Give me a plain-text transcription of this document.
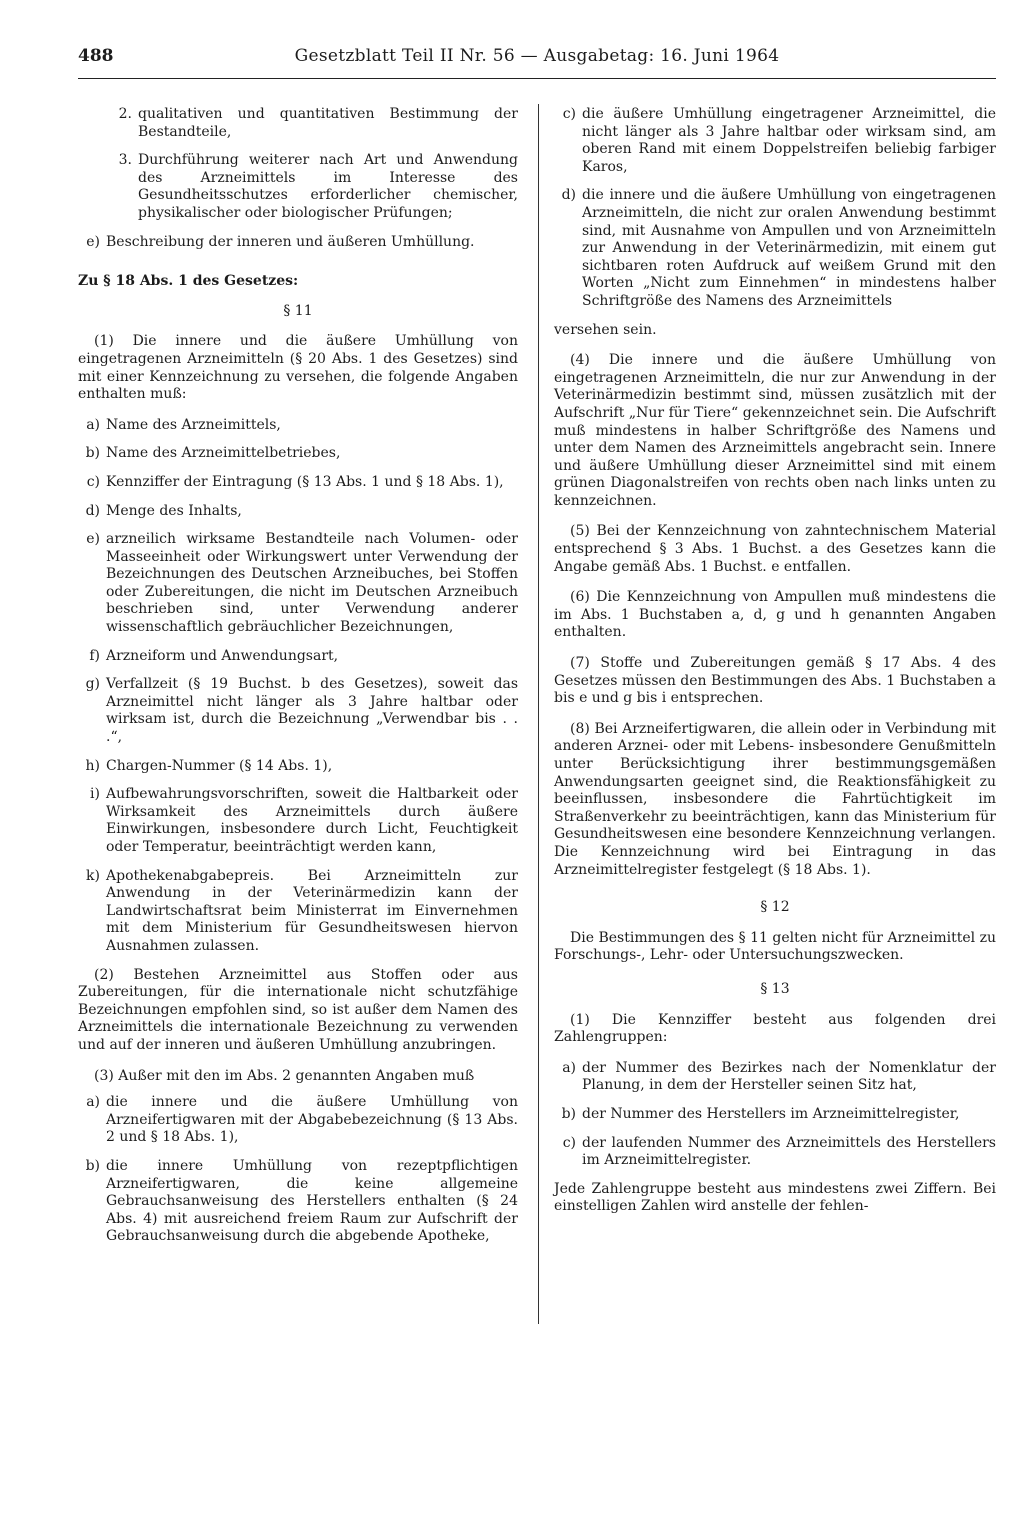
488	Gesetzblatt Teil II Nr. 56 — Ausgabetag: 16. Juni 1964
2. qualitativen und quantitativen Bestimmung der Bestandteile,
3. Durchführung weiterer nach Art und Anwendung des Arzneimittels im Interesse des Gesundheitsschutzes erforderlicher chemischer, physikalischer oder biologischer Prüfungen;
e) Beschreibung der inneren und äußeren Umhüllung.
Zu § 18 Abs. 1 des Gesetzes:
§ 11

(1) Die innere und die äußere Umhüllung von eingetragenen Arzneimitteln (§ 20 Abs. 1 des Gesetzes) sind mit einer Kennzeichnung zu versehen, die folgende Angaben enthalten muß:

a) Name des Arzneimittels,
b) Name des Arzneimittelbetriebes,
c) Kennziffer der Eintragung (§ 13 Abs. 1 und § 18 Abs. 1),
d) Menge des Inhalts,
e) arzneilich wirksame Bestandteile nach Volumen- oder Masseeinheit oder Wirkungswert unter Verwendung der Bezeichnungen des Deutschen Arzneibuches, bei Stoffen oder Zubereitungen, die nicht im Deutschen Arzneibuch beschrieben sind, unter Verwendung anderer wissenschaftlich gebräuchlicher Bezeichnungen,
f) Arzneiform und Anwendungsart,
g) Verfallzeit (§ 19 Buchst. b des Gesetzes), soweit das Arzneimittel nicht länger als 3 Jahre haltbar oder wirksam ist, durch die Bezeichnung „Verwendbar bis . . .“,
h) Chargen-Nummer (§ 14 Abs. 1),
i) Aufbewahrungsvorschriften, soweit die Haltbarkeit oder Wirksamkeit des Arzneimittels durch äußere Einwirkungen, insbesondere durch Licht, Feuchtigkeit oder Temperatur, beeinträchtigt werden kann,
k) Apothekenabgabepreis. Bei Arzneimitteln zur Anwendung in der Veterinärmedizin kann der Landwirtschaftsrat beim Ministerrat im Einvernehmen mit dem Ministerium für Gesundheitswesen hiervon Ausnahmen zulassen.

(2) Bestehen Arzneimittel aus Stoffen oder aus Zubereitungen, für die internationale nicht schutzfähige Bezeichnungen empfohlen sind, so ist außer dem Namen des Arzneimittels die internationale Bezeichnung zu verwenden und auf der inneren und äußeren Umhüllung anzubringen.

(3) Außer mit den im Abs. 2 genannten Angaben muß

a) die innere und die äußere Umhüllung von Arzneifertigwaren mit der Abgabebezeichnung (§ 13 Abs. 2 und § 18 Abs. 1),
b) die innere Umhüllung von rezeptpflichtigen Arzneifertigwaren, die keine allgemeine Gebrauchsanweisung des Herstellers enthalten (§ 24 Abs. 4) mit ausreichend freiem Raum zur Aufschrift der Gebrauchsanweisung durch die abgebende Apotheke,
c) die äußere Umhüllung eingetragener Arzneimittel, die nicht länger als 3 Jahre haltbar oder wirksam sind, am oberen Rand mit einem Doppelstreifen beliebig farbiger Karos,
d) die innere und die äußere Umhüllung von eingetragenen Arzneimitteln, die nicht zur oralen Anwendung bestimmt sind, mit Ausnahme von Ampullen und von Arzneimitteln zur Anwendung in der Veterinärmedizin, mit einem gut sichtbaren roten Aufdruck auf weißem Grund mit den Worten „Nicht zum Einnehmen“ in mindestens halber Schriftgröße des Namens des Arzneimittels

versehen sein.

(4) Die innere und die äußere Umhüllung von eingetragenen Arzneimitteln, die nur zur Anwendung in der Veterinärmedizin bestimmt sind, müssen zusätzlich mit der Aufschrift „Nur für Tiere“ gekennzeichnet sein. Die Aufschrift muß mindestens in halber Schriftgröße des Namens und unter dem Namen des Arzneimittels angebracht sein. Innere und äußere Umhüllung dieser Arzneimittel sind mit einem grünen Diagonalstreifen von rechts oben nach links unten zu kennzeichnen.

(5) Bei der Kennzeichnung von zahntechnischem Material entsprechend § 3 Abs. 1 Buchst. a des Gesetzes kann die Angabe gemäß Abs. 1 Buchst. e entfallen.

(6) Die Kennzeichnung von Ampullen muß mindestens die im Abs. 1 Buchstaben a, d, g und h genannten Angaben enthalten.

(7) Stoffe und Zubereitungen gemäß § 17 Abs. 4 des Gesetzes müssen den Bestimmungen des Abs. 1 Buchstaben a bis e und g bis i entsprechen.

(8) Bei Arzneifertigwaren, die allein oder in Verbindung mit anderen Arznei- oder mit Lebens- insbesondere Genußmitteln unter Berücksichtigung ihrer bestimmungsgemäßen Anwendungsarten geeignet sind, die Reaktionsfähigkeit zu beeinflussen, insbesondere die Fahrtüchtigkeit im Straßenverkehr zu beeinträchtigen, kann das Ministerium für Gesundheitswesen eine besondere Kennzeichnung verlangen. Die Kennzeichnung wird bei Eintragung in das Arzneimittelregister festgelegt (§ 18 Abs. 1).

§ 12

Die Bestimmungen des § 11 gelten nicht für Arzneimittel zu Forschungs-, Lehr- oder Untersuchungszwecken.

§ 13

(1) Die Kennziffer besteht aus folgenden drei Zahlengruppen:

a) der Nummer des Bezirkes nach der Nomenklatur der Planung, in dem der Hersteller seinen Sitz hat,
b) der Nummer des Herstellers im Arzneimittelregister,
c) der laufenden Nummer des Arzneimittels des Herstellers im Arzneimittelregister.

Jede Zahlengruppe besteht aus mindestens zwei Ziffern. Bei einstelligen Zahlen wird anstelle der fehlen-
